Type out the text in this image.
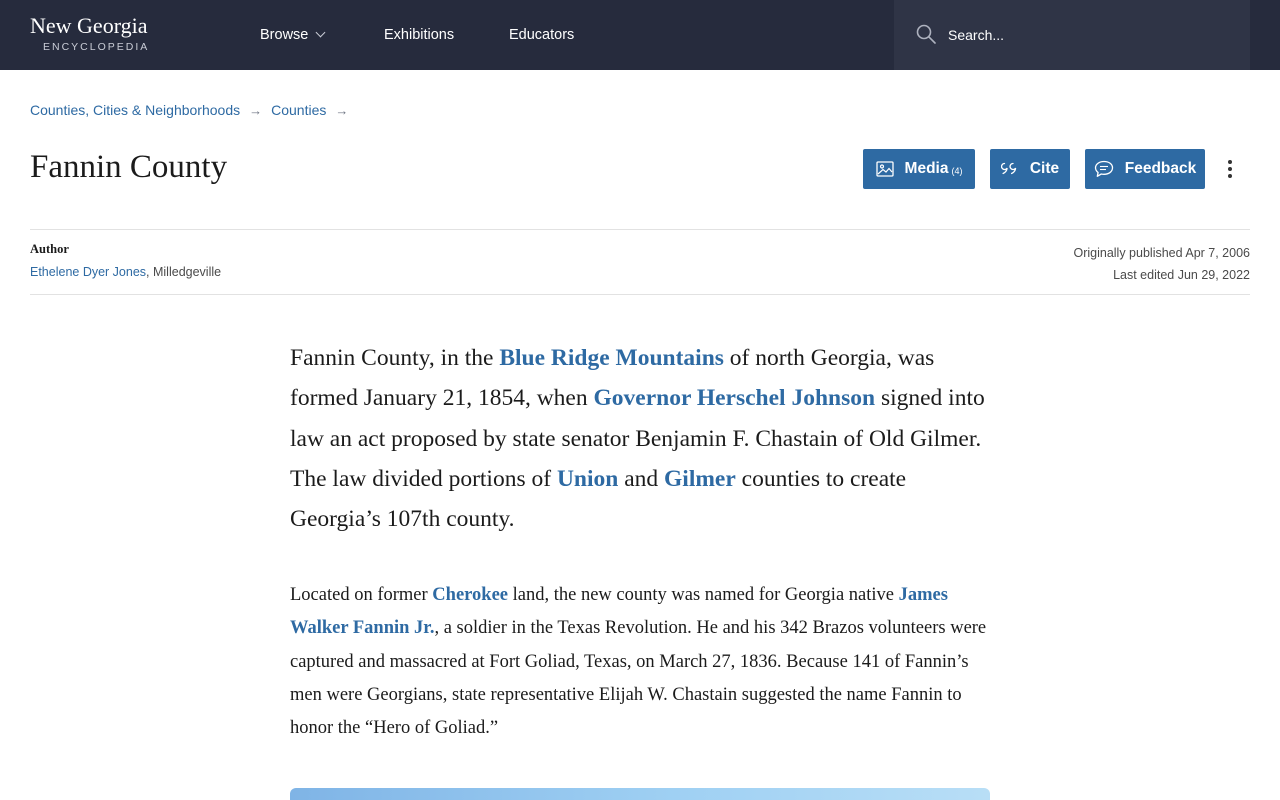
New Georgia
ENCYCLOPEDIA
Browse	Exhibitions	Educators
Search...
Counties, Cities & Neighborhoods → Counties →
Fannin County	Media (4)	Cite	Feedback
Author
Ethelene Dyer Jones, Milledgeville
Originally published Apr 7, 2006
Last edited Jun 29, 2022

Fannin County, in the Blue Ridge Mountains of north Georgia, was formed January 21, 1854, when Governor Herschel Johnson signed into law an act proposed by state senator Benjamin F. Chastain of Old Gilmer. The law divided portions of Union and Gilmer counties to create Georgia’s 107th county.

Located on former Cherokee land, the new county was named for Georgia native James Walker Fannin Jr., a soldier in the Texas Revolution. He and his 342 Brazos volunteers were captured and massacred at Fort Goliad, Texas, on March 27, 1836. Because 141 of Fannin’s men were Georgians, state representative Elijah W. Chastain suggested the name Fannin to honor the “Hero of Goliad.”
